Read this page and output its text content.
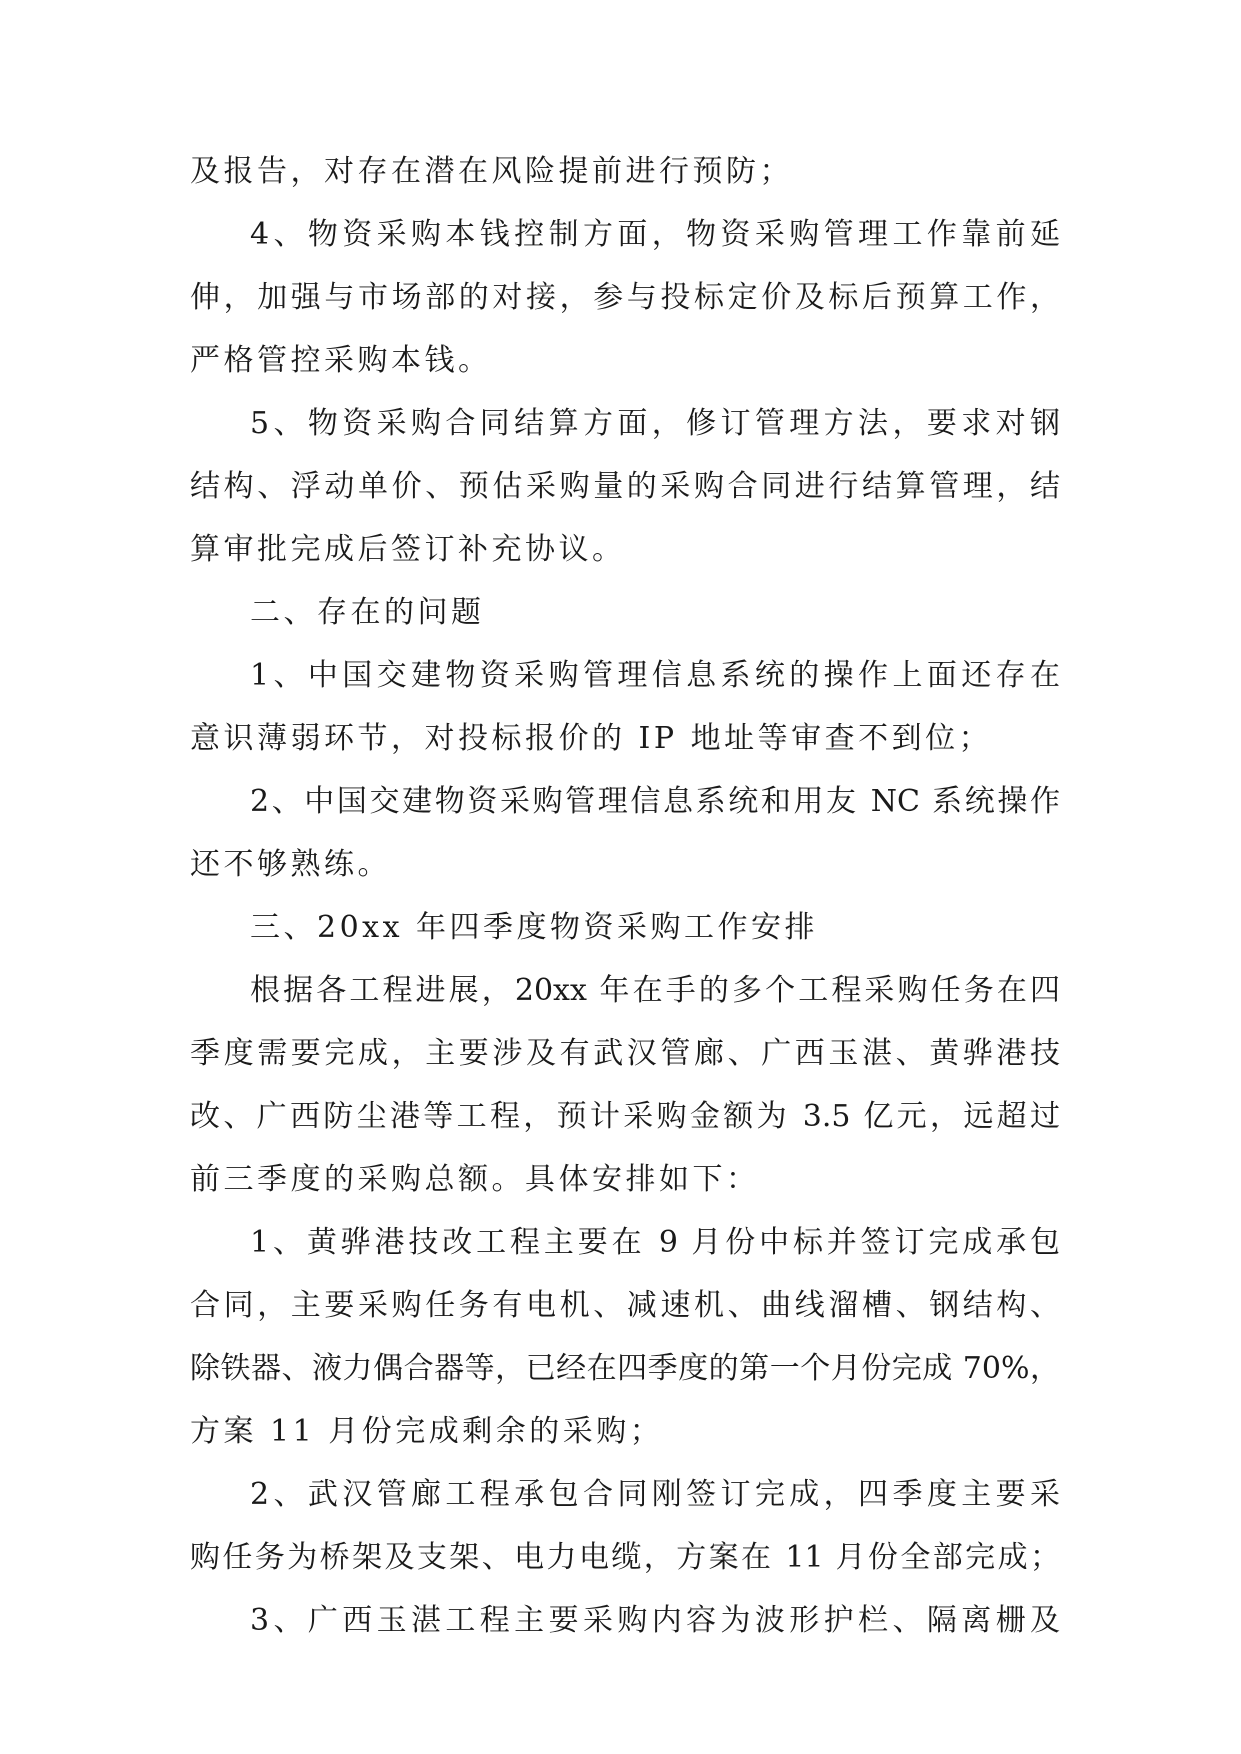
及报告，对存在潜在风险提前进行预防；
4、物资采购本钱控制方面，物资采购管理工作靠前延
伸，加强与市场部的对接，参与投标定价及标后预算工作，
严格管控采购本钱。
5、物资采购合同结算方面，修订管理方法，要求对钢
结构、浮动单价、预估采购量的采购合同进行结算管理，结
算审批完成后签订补充协议。
二、存在的问题
1、中国交建物资采购管理信息系统的操作上面还存在
意识薄弱环节，对投标报价的 IP 地址等审查不到位；
2、中国交建物资采购管理信息系统和用友 NC 系统操作
还不够熟练。
三、20xx 年四季度物资采购工作安排
根据各工程进展，20xx 年在手的多个工程采购任务在四
季度需要完成，主要涉及有武汉管廊、广西玉湛、黄骅港技
改、广西防尘港等工程，预计采购金额为 3.5 亿元，远超过
前三季度的采购总额。具体安排如下：
1、黄骅港技改工程主要在 9 月份中标并签订完成承包
合同，主要采购任务有电机、减速机、曲线溜槽、钢结构、
除铁器、液力偶合器等，已经在四季度的第一个月份完成 70%，
方案 11 月份完成剩余的采购；
2、武汉管廊工程承包合同刚签订完成，四季度主要采
购任务为桥架及支架、电力电缆，方案在 11 月份全部完成；
3、广西玉湛工程主要采购内容为波形护栏、隔离栅及
